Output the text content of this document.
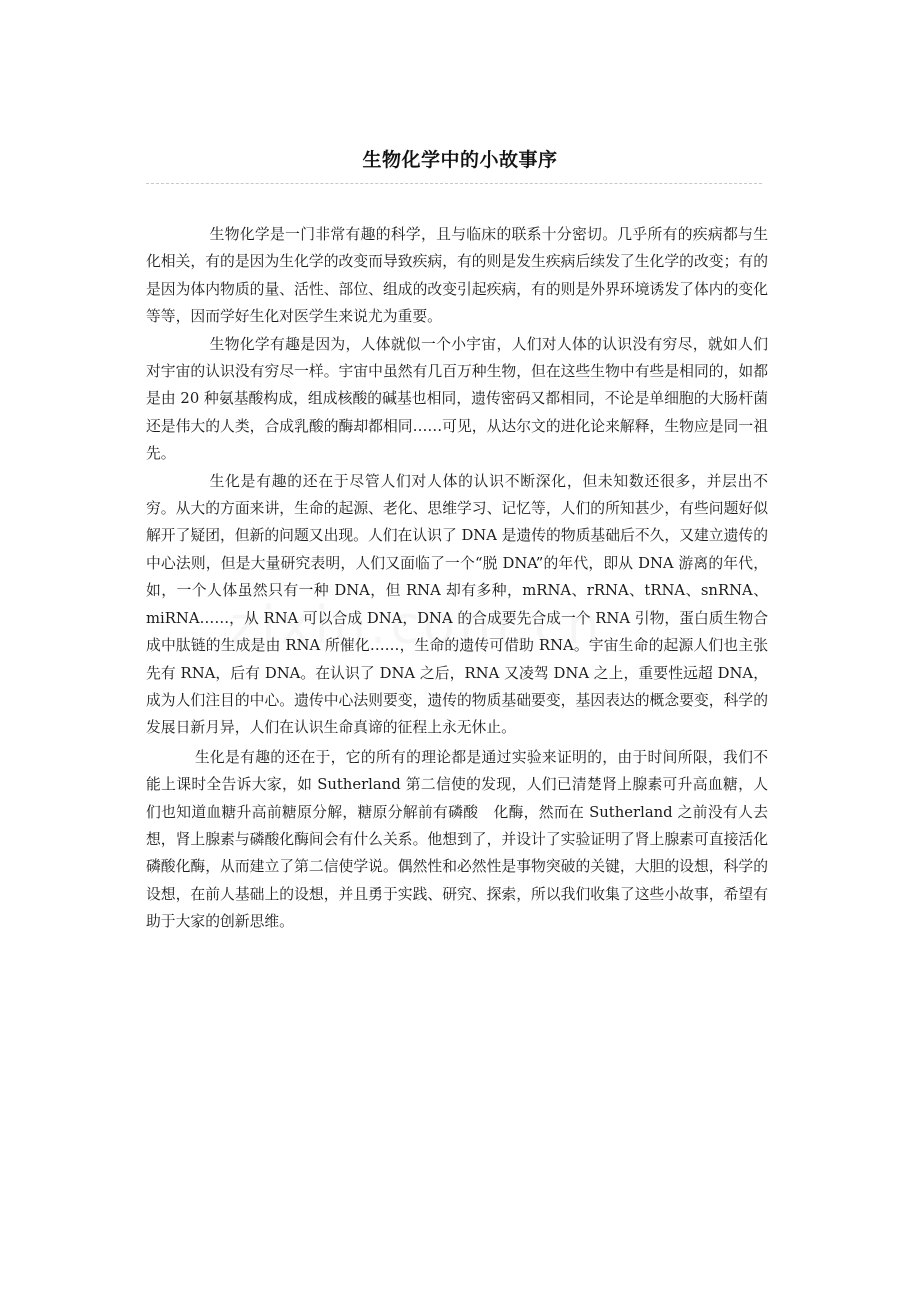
生物化学中的小故事序

生物化学是一门非常有趣的科学，且与临床的联系十分密切。几乎所有的疾病都与生化相关，有的是因为生化学的改变而导致疾病，有的则是发生疾病后续发了生化学的改变；有的是因为体内物质的量、活性、部位、组成的改变引起疾病，有的则是外界环境诱发了体内的变化等等，因而学好生化对医学生来说尤为重要。

生物化学有趣是因为，人体就似一个小宇宙，人们对人体的认识没有穷尽，就如人们对宇宙的认识没有穷尽一样。宇宙中虽然有几百万种生物，但在这些生物中有些是相同的，如都是由 20 种氨基酸构成，组成核酸的碱基也相同，遗传密码又都相同，不论是单细胞的大肠杆菌还是伟大的人类，合成乳酸的酶却都相同……可见，从达尔文的进化论来解释，生物应是同一祖先。

生化是有趣的还在于尽管人们对人体的认识不断深化，但未知数还很多，并层出不穷。从大的方面来讲，生命的起源、老化、思维学习、记忆等，人们的所知甚少，有些问题好似解开了疑团，但新的问题又出现。人们在认识了 DNA 是遗传的物质基础后不久，又建立遗传的中心法则，但是大量研究表明，人们又面临了一个“脱 DNA”的年代，即从 DNA 游离的年代，如，一个人体虽然只有一种 DNA，但 RNA 却有多种，mRNA、rRNA、tRNA、snRNA、miRNA……，从 RNA 可以合成 DNA，DNA 的合成要先合成一个 RNA 引物，蛋白质生物合成中肽链的生成是由 RNA 所催化……，生命的遗传可借助 RNA。宇宙生命的起源人们也主张先有 RNA，后有 DNA。在认识了 DNA 之后，RNA 又凌驾 DNA 之上，重要性远超 DNA，成为人们注目的中心。遗传中心法则要变，遗传的物质基础要变，基因表达的概念要变，科学的发展日新月异，人们在认识生命真谛的征程上永无休止。

生化是有趣的还在于，它的所有的理论都是通过实验来证明的，由于时间所限，我们不能上课时全告诉大家，如 Sutherland 第二信使的发现，人们已清楚肾上腺素可升高血糖，人们也知道血糖升高前糖原分解，糖原分解前有磷酸　化酶，然而在 Sutherland 之前没有人去想，肾上腺素与磷酸化酶间会有什么关系。他想到了，并设计了实验证明了肾上腺素可直接活化磷酸化酶，从而建立了第二信使学说。偶然性和必然性是事物突破的关键，大胆的设想，科学的设想，在前人基础上的设想，并且勇于实践、研究、探索，所以我们收集了这些小故事，希望有助于大家的创新思维。
